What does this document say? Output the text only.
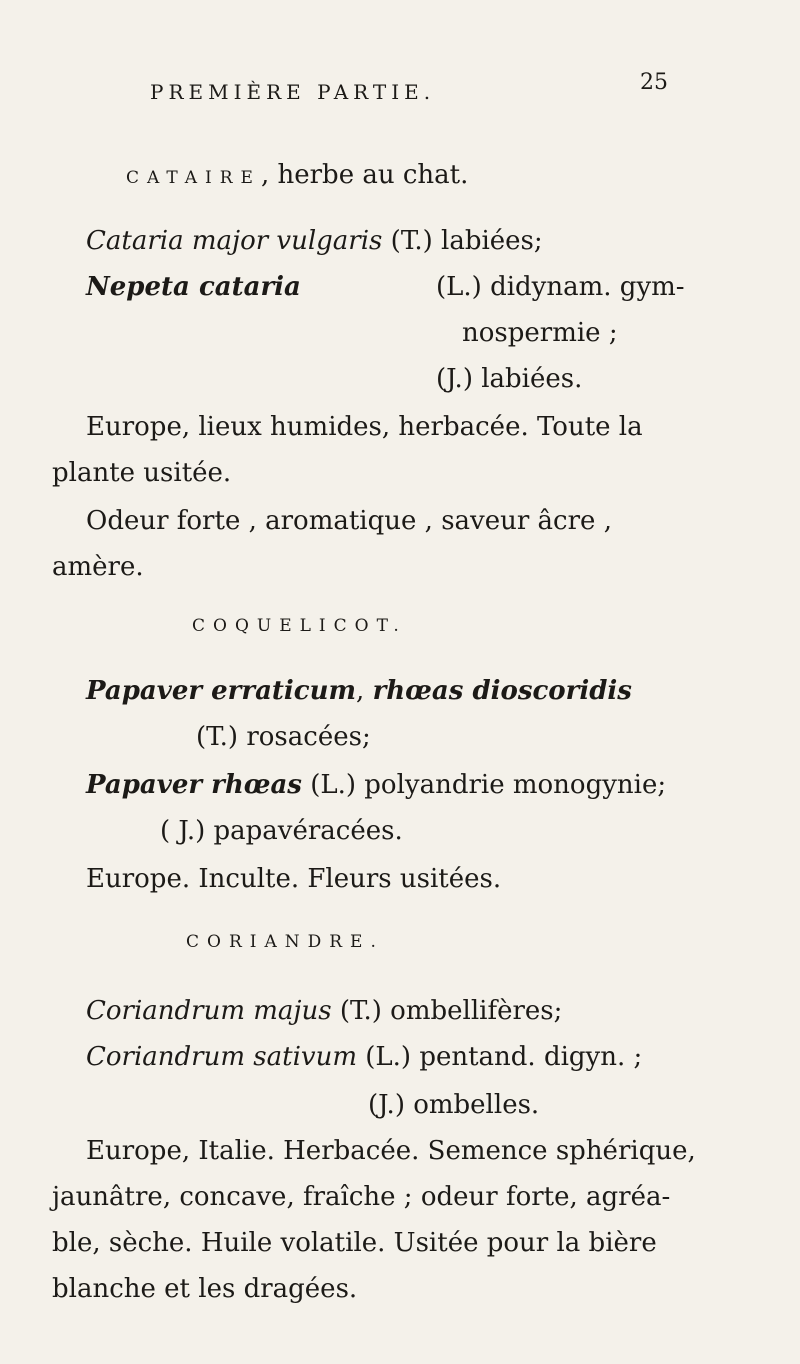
PREMIÈRE PARTIE.	25
CATAIRE, herbe au chat.
Cataria major vulgaris (T.) labiées;
Nepeta cataria	(L.) didynam. gym-
nospermie ;
(J.) labiées.
Europe, lieux humides, herbacée. Toute la
plante usitée.
Odeur forte , aromatique , saveur âcre ,
amère.
COQUELICOT.
Papaver erraticum, rhœas dioscoridis
(T.) rosacées;
Papaver rhœas (L.) polyandrie monogynie;
( J.) papavéracées.
Europe. Inculte. Fleurs usitées.
CORIANDRE.
Coriandrum majus (T.) ombellifères;
Coriandrum sativum (L.) pentand. digyn. ;
(J.) ombelles.
Europe, Italie. Herbacée. Semence sphérique,
jaunâtre, concave, fraîche ; odeur forte, agréa-
ble, sèche. Huile volatile. Usitée pour la bière
blanche et les dragées.
